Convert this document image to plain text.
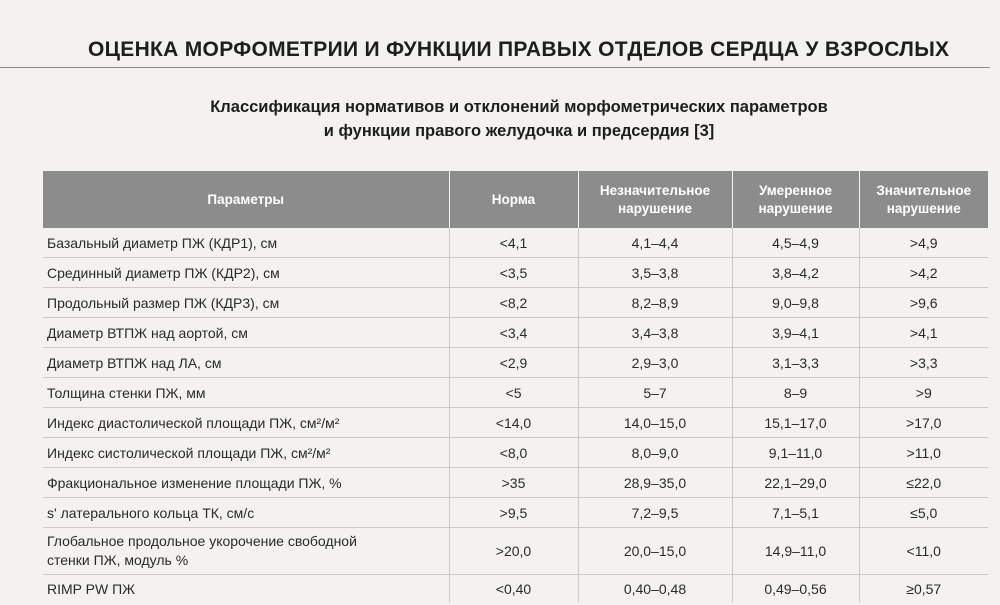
ОЦЕНКА МОРФОМЕТРИИ И ФУНКЦИИ ПРАВЫХ ОТДЕЛОВ СЕРДЦА У ВЗРОСЛЫХ
Классификация нормативов и отклонений морфометрических параметров
и функции правого желудочка и предсердия [3]
Параметры	Норма	Незначительное нарушение	Умеренное нарушение	Значительное нарушение
Базальный диаметр ПЖ (КДР1), см	<4,1	4,1–4,4	4,5–4,9	>4,9
Срединный диаметр ПЖ (КДР2), см	<3,5	3,5–3,8	3,8–4,2	>4,2
Продольный размер ПЖ (КДР3), см	<8,2	8,2–8,9	9,0–9,8	>9,6
Диаметр ВТПЖ над аортой, см	<3,4	3,4–3,8	3,9–4,1	>4,1
Диаметр ВТПЖ над ЛА, см	<2,9	2,9–3,0	3,1–3,3	>3,3
Толщина стенки ПЖ, мм	<5	5–7	8–9	>9
Индекс диастолической площади ПЖ, см²/м²	<14,0	14,0–15,0	15,1–17,0	>17,0
Индекс систолической площади ПЖ, см²/м²	<8,0	8,0–9,0	9,1–11,0	>11,0
Фракциональное изменение площади ПЖ, %	>35	28,9–35,0	22,1–29,0	≤22,0
s' латерального кольца ТК, см/с	>9,5	7,2–9,5	7,1–5,1	≤5,0

Глобальное продольное укорочение свободной
стенки ПЖ, модуль %	>20,0	20,0–15,0	14,9–11,0	<11,0
RIMP PW ПЖ	<0,40	0,40–0,48	0,49–0,56	≥0,57
